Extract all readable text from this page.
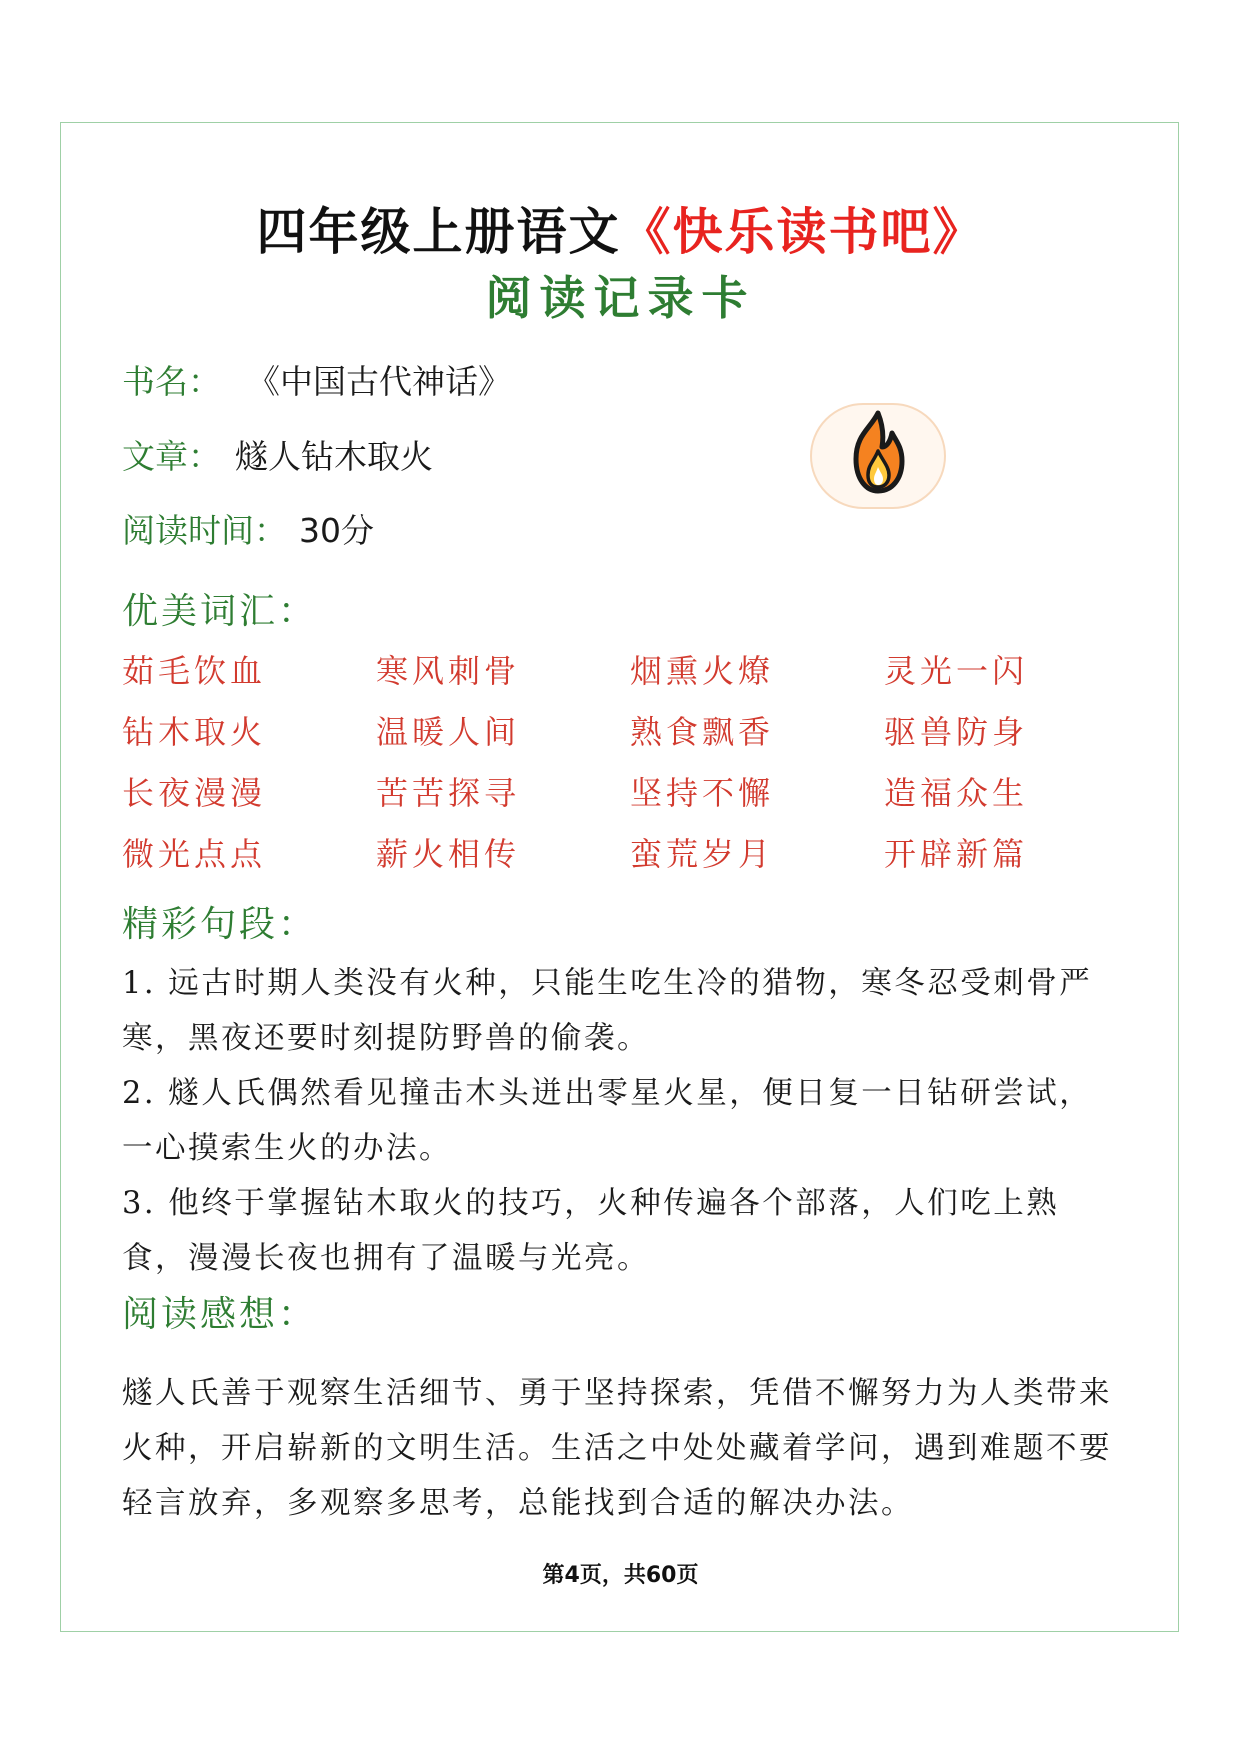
四年级上册语文《快乐读书吧》
阅读记录卡
书名： 《中国古代神话》
文章： 燧人钻木取火
阅读时间： 30分
优美词汇：
茹毛饮血	寒风刺骨	烟熏火燎	灵光一闪
钻木取火	温暖人间	熟食飘香	驱兽防身
长夜漫漫	苦苦探寻	坚持不懈	造福众生
微光点点	薪火相传	蛮荒岁月	开辟新篇
精彩句段：
1. 远古时期人类没有火种，只能生吃生冷的猎物，寒冬忍受刺骨严寒，黑夜还要时刻提防野兽的偷袭。
2. 燧人氏偶然看见撞击木头迸出零星火星，便日复一日钻研尝试，一心摸索生火的办法。
3. 他终于掌握钻木取火的技巧，火种传遍各个部落，人们吃上熟食，漫漫长夜也拥有了温暖与光亮。
阅读感想：
燧人氏善于观察生活细节、勇于坚持探索，凭借不懈努力为人类带来火种，开启崭新的文明生活。生活之中处处藏着学问，遇到难题不要轻言放弃，多观察多思考，总能找到合适的解决办法。
第4页，共60页
